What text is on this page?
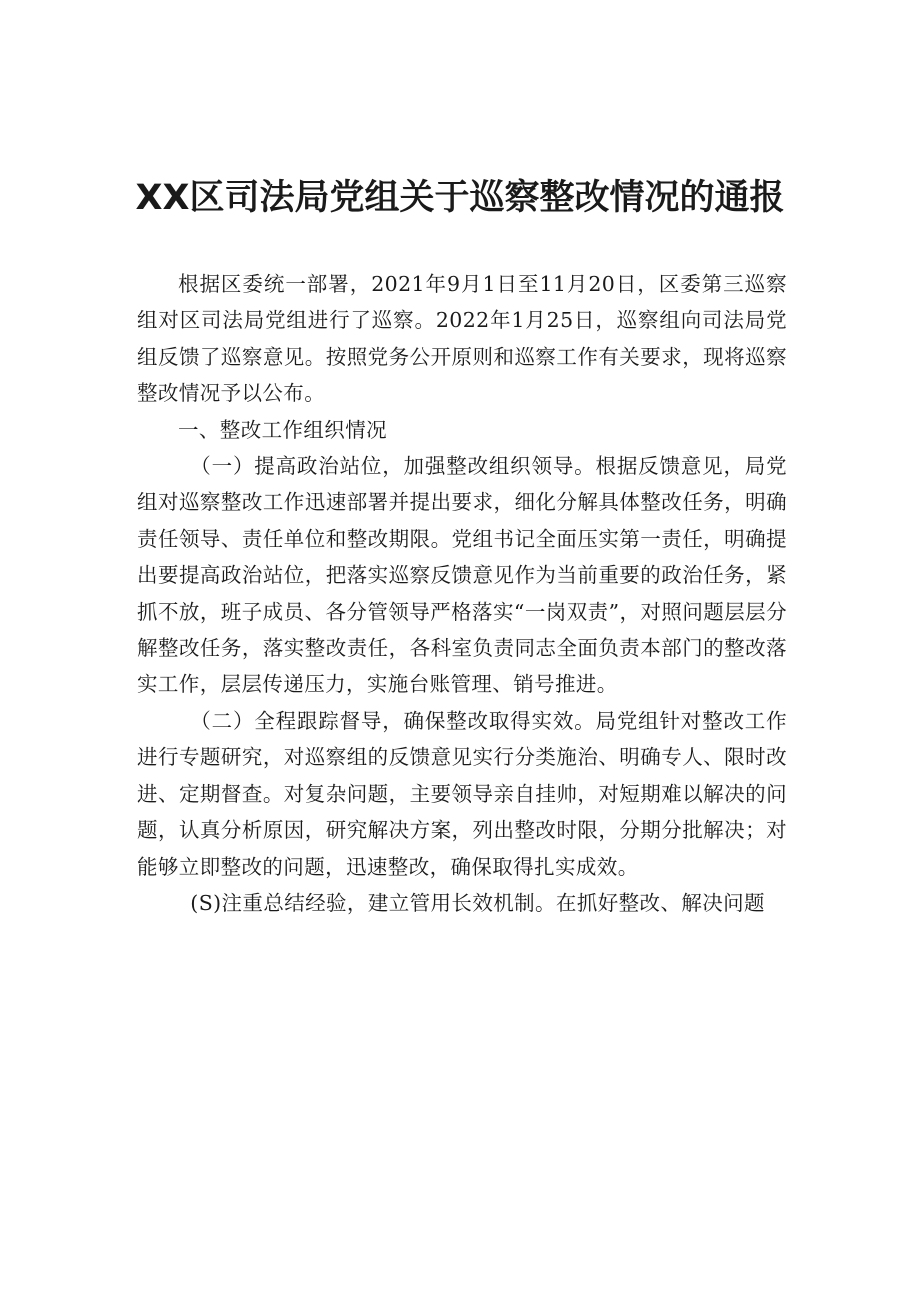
XX区司法局党组关于巡察整改情况的通报

根据区委统一部署，2021年9月1日至11月20日，区委第三巡察组对区司法局党组进行了巡察。2022年1月25日，巡察组向司法局党组反馈了巡察意见。按照党务公开原则和巡察工作有关要求，现将巡察整改情况予以公布。

一、整改工作组织情况

（一）提高政治站位，加强整改组织领导。根据反馈意见，局党组对巡察整改工作迅速部署并提出要求，细化分解具体整改任务，明确责任领导、责任单位和整改期限。党组书记全面压实第一责任，明确提出要提高政治站位，把落实巡察反馈意见作为当前重要的政治任务，紧抓不放，班子成员、各分管领导严格落实“一岗双责”，对照问题层层分解整改任务，落实整改责任，各科室负责同志全面负责本部门的整改落实工作，层层传递压力，实施台账管理、销号推进。

（二）全程跟踪督导，确保整改取得实效。局党组针对整改工作进行专题研究，对巡察组的反馈意见实行分类施治、明确专人、限时改进、定期督查。对复杂问题，主要领导亲自挂帅，对短期难以解决的问题，认真分析原因，研究解决方案，列出整改时限，分期分批解决；对能够立即整改的问题，迅速整改，确保取得扎实成效。

(S)注重总结经验，建立管用长效机制。在抓好整改、解决问题
